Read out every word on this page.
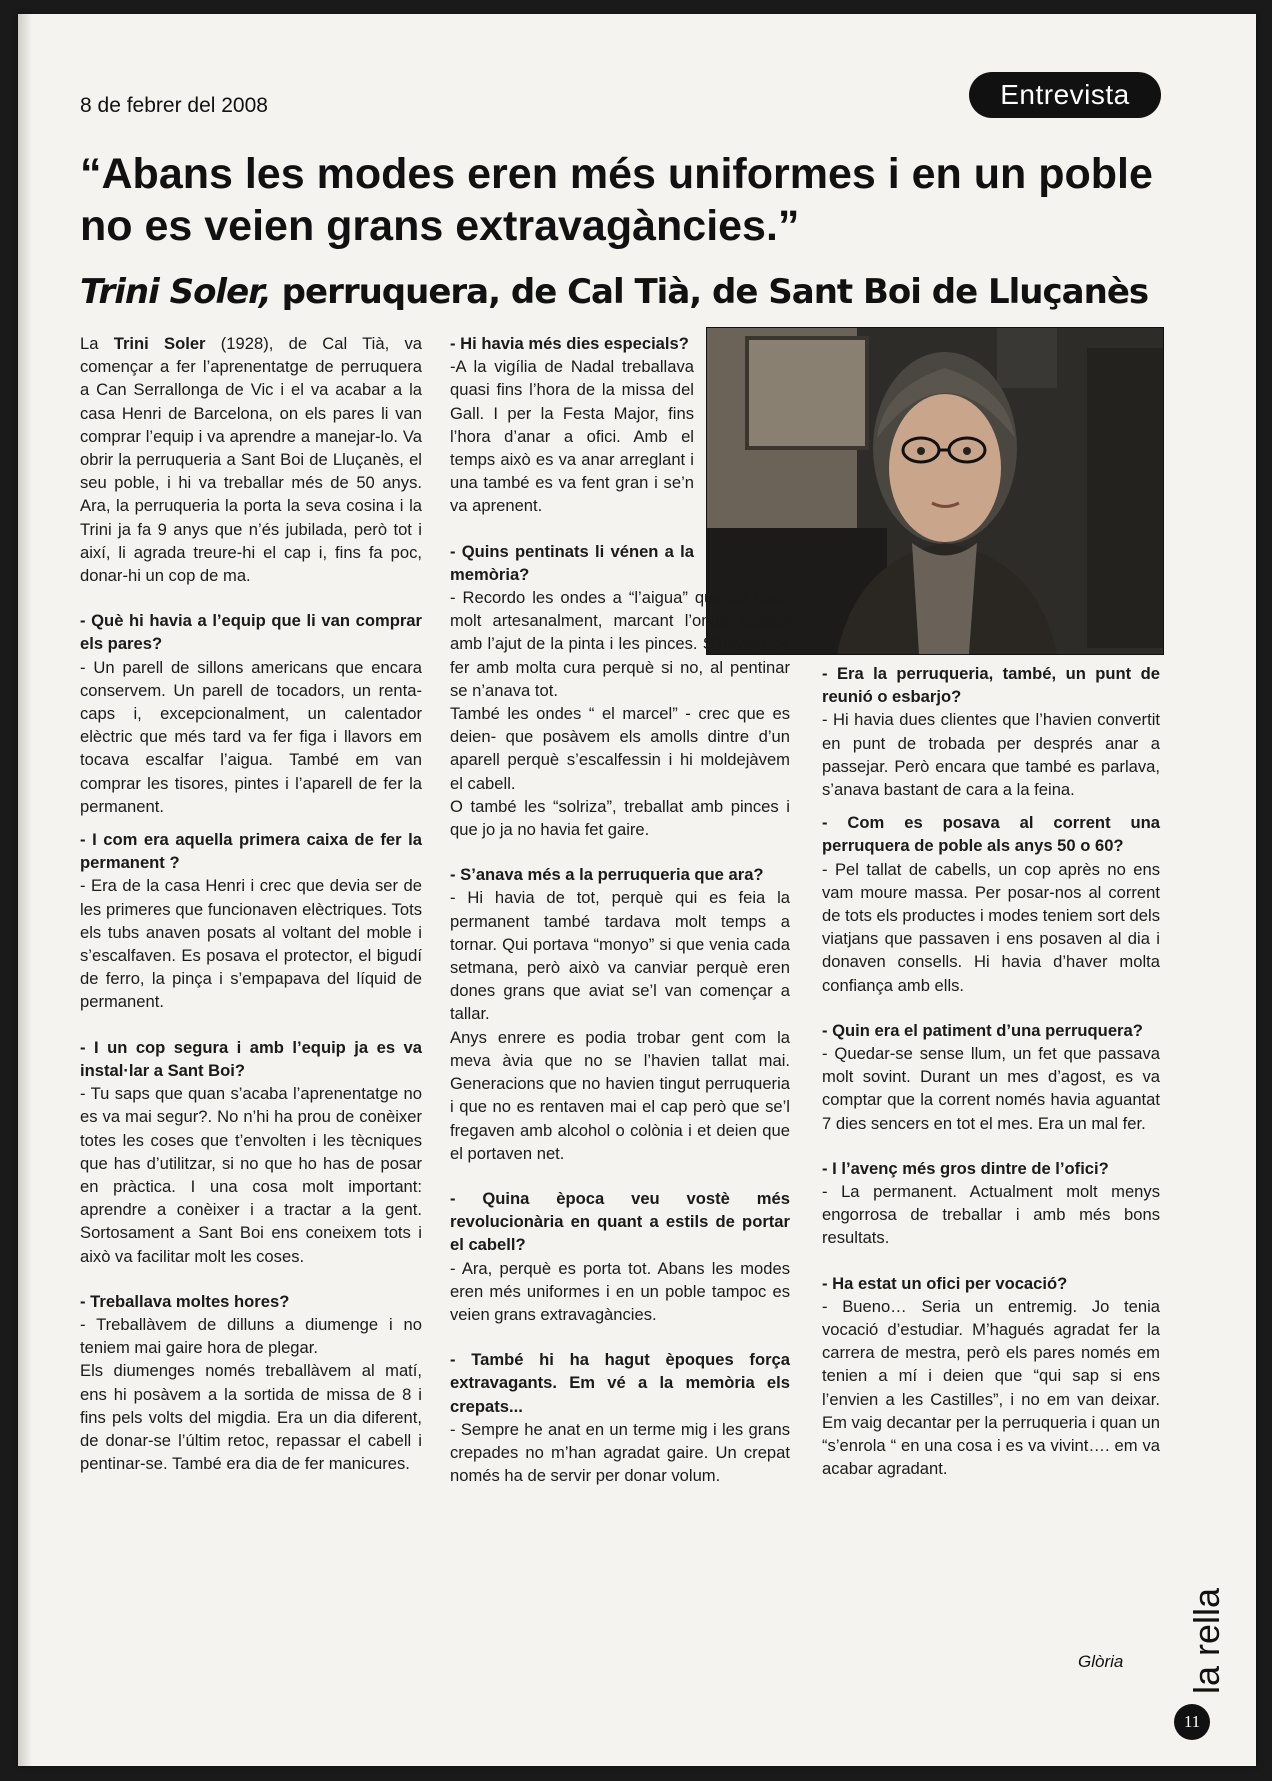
8 de febrer del 2008	Entrevista
“Abans les modes eren més uniformes i en un poble no es veien grans extravagàncies.”
Trini Soler, perruquera, de Cal Tià, de Sant Boi de Lluçanès

La Trini Soler (1928), de Cal Tià, va començar a fer l’aprenentatge de perruquera a Can Serrallonga de Vic i el va acabar a la casa Henri de Barcelona, on els pares li van comprar l’equip i va aprendre a manejar-lo. Va obrir la perruqueria a Sant Boi de Lluçanès, el seu poble, i hi va treballar més de 50 anys. Ara, la perruqueria la porta la seva cosina i la Trini ja fa 9 anys que n’és jubilada, però tot i així, li agrada treure-hi el cap i, fins fa poc, donar-hi un cop de ma.

- Què hi havia a l’equip que li van comprar els pares?

- Un parell de sillons americans que encara conservem. Un parell de tocadors, un renta-caps i, excepcionalment, un calentador elèctric que més tard va fer figa i llavors em tocava escalfar l’aigua. També em van comprar les tisores, pintes i l’aparell de fer la permanent.

- I com era aquella primera caixa de fer la permanent ?

- Era de la casa Henri i crec que devia ser de les primeres que funcionaven elèctriques. Tots els tubs anaven posats al voltant del moble i s’escalfaven. Es posava el protector, el bigudí de ferro, la pinça i s’empapava del líquid de permanent.

- I un cop segura i amb l’equip ja es va instal·lar a Sant Boi?

- Tu saps que quan s’acaba l’aprenentatge no es va mai segur?. No n’hi ha prou de conèixer totes les coses que t’envolten i les tècniques que has d’utilitzar, si no que ho has de posar en pràctica. I una cosa molt important: aprendre a conèixer i a tractar a la gent. Sortosament a Sant Boi ens coneixem tots i això va facilitar molt les coses.

- Treballava moltes hores?

- Treballàvem de dilluns a diumenge i no teniem mai gaire hora de plegar.

Els diumenges només treballàvem al matí, ens hi posàvem a la sortida de missa de 8 i fins pels volts del migdia. Era un dia diferent, de donar-se l’últim retoc, repassar el cabell i pentinar-se. També era dia de fer manicures.

- Hi havia més dies especials?

-A la vigília de Nadal treballava quasi fins l’hora de la missa del Gall. I per la Festa Major, fins l’hora d’anar a ofici. Amb el temps això es va anar arreglant i una també es va fent gran i se’n va aprenent.

- Quins pentinats li vénen a la memòria?

- Recordo les ondes a “l’aigua” que es feien molt artesanalment, marcant l’onda només amb l’ajut de la pinta i les pinces. S’havien de fer amb molta cura perquè si no, al pentinar se n’anava tot.

També les ondes “ el marcel” - crec que es deien- que posàvem els amolls dintre d’un aparell perquè s’escalfessin i hi moldejàvem el cabell.

O també les “solriza”, treballat amb pinces i que jo ja no havia fet gaire.

- S’anava més a la perruqueria que ara?

- Hi havia de tot, perquè qui es feia la permanent també tardava molt temps a tornar. Qui portava “monyo” si que venia cada setmana, però això va canviar perquè eren dones grans que aviat se’l van començar a tallar.

Anys enrere es podia trobar gent com la meva àvia que no se l’havien tallat mai. Generacions que no havien tingut perruqueria i que no es rentaven mai el cap però que se’l fregaven amb alcohol o colònia i et deien que el portaven net.

- Quina època veu vostè més revolucionària en quant a estils de portar el cabell?

- Ara, perquè es porta tot. Abans les modes eren més uniformes i en un poble tampoc es veien grans extravagàncies.

- També hi ha hagut èpoques força extravagants. Em vé a la memòria els crepats...

- Sempre he anat en un terme mig i les grans crepades no m’han agradat gaire. Un crepat només ha de servir per donar volum.

- Era la perruqueria, també, un punt de reunió o esbarjo?

- Hi havia dues clientes que l’havien convertit en punt de trobada per després anar a passejar. Però encara que també es parlava, s’anava bastant de cara a la feina.

- Com es posava al corrent una perruquera de poble als anys 50 o 60?

- Pel tallat de cabells, un cop après no ens vam moure massa. Per posar-nos al corrent de tots els productes i modes teniem sort dels viatjans que passaven i ens posaven al dia i donaven consells. Hi havia d’haver molta confiança amb ells.

- Quin era el patiment d’una perruquera?

- Quedar-se sense llum, un fet que passava molt sovint. Durant un mes d’agost, es va comptar que la corrent només havia aguantat 7 dies sencers en tot el mes. Era un mal fer.

- I l’avenç més gros dintre de l’ofici?

- La permanent. Actualment molt menys engorrosa de treballar i amb més bons resultats.

- Ha estat un ofici per vocació?

- Bueno… Seria un entremig. Jo tenia vocació d’estudiar. M’hagués agradat fer la carrera de mestra, però els pares només em tenien a mí i deien que “qui sap si ens l’envien a les Castilles”, i no em van deixar. Em vaig decantar per la perruqueria i quan un “s’enrola “ en una cosa i es va vivint…. em va acabar agradant.

Glòria la rella
11
